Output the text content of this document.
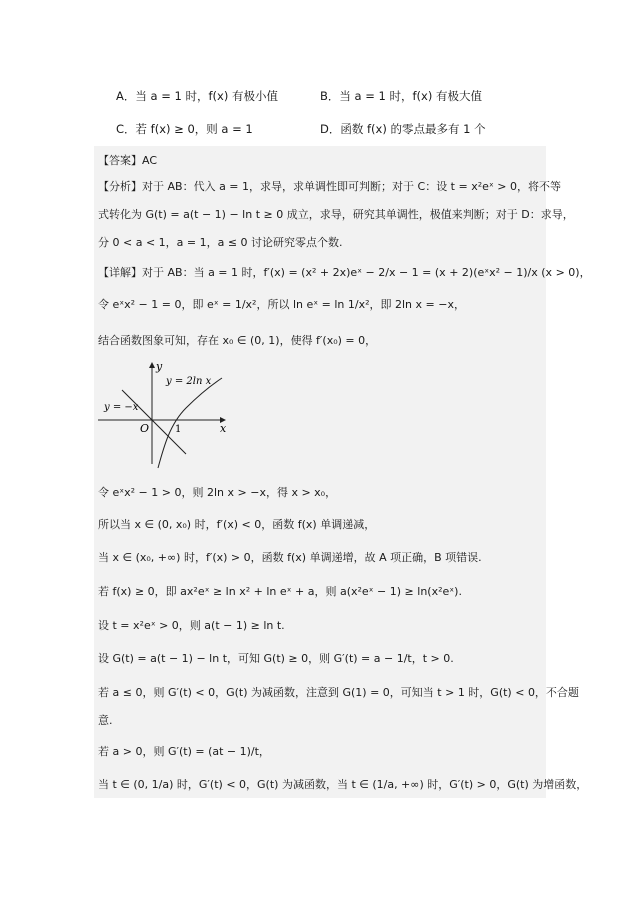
A．当 a = 1 时，f(x) 有极小值	B．当 a = 1 时，f(x) 有极大值
C．若 f(x) ≥ 0，则 a = 1	D．函数 f(x) 的零点最多有 1 个
【答案】AC
【分析】对于 AB：代入 a = 1，求导，求单调性即可判断；对于 C：设 t = x²eˣ > 0，将不等
式转化为 G(t) = a(t − 1) − ln t ≥ 0 成立，求导，研究其单调性，极值来判断；对于 D：求导，
分 0 < a < 1，a = 1，a ≤ 0 讨论研究零点个数.
【详解】对于 AB：当 a = 1 时，f′(x) = (x² + 2x)eˣ − 2/x − 1 = (x + 2)(eˣx² − 1)/x (x > 0)，
令 eˣx² − 1 = 0，即 eˣ = 1/x²，所以 ln eˣ = ln 1/x²，即 2ln x = −x，
结合函数图象可知，存在 x₀ ∈ (0, 1)，使得 f′(x₀) = 0，
y
x
O	1
y = 2ln x
y = −x
令 eˣx² − 1 > 0，则 2ln x > −x，得 x > x₀，
所以当 x ∈ (0, x₀) 时，f′(x) < 0，函数 f(x) 单调递减，
当 x ∈ (x₀, +∞) 时，f′(x) > 0，函数 f(x) 单调递增，故 A 项正确，B 项错误.
若 f(x) ≥ 0，即 ax²eˣ ≥ ln x² + ln eˣ + a，则 a(x²eˣ − 1) ≥ ln(x²eˣ).
设 t = x²eˣ > 0，则 a(t − 1) ≥ ln t.
设 G(t) = a(t − 1) − ln t，可知 G(t) ≥ 0，则 G′(t) = a − 1/t，t > 0.
若 a ≤ 0，则 G′(t) < 0，G(t) 为减函数，注意到 G(1) = 0，可知当 t > 1 时，G(t) < 0，不合题
意.
若 a > 0，则 G′(t) = (at − 1)/t，
当 t ∈ (0, 1/a) 时，G′(t) < 0，G(t) 为减函数，当 t ∈ (1/a, +∞) 时，G′(t) > 0，G(t) 为增函数，
